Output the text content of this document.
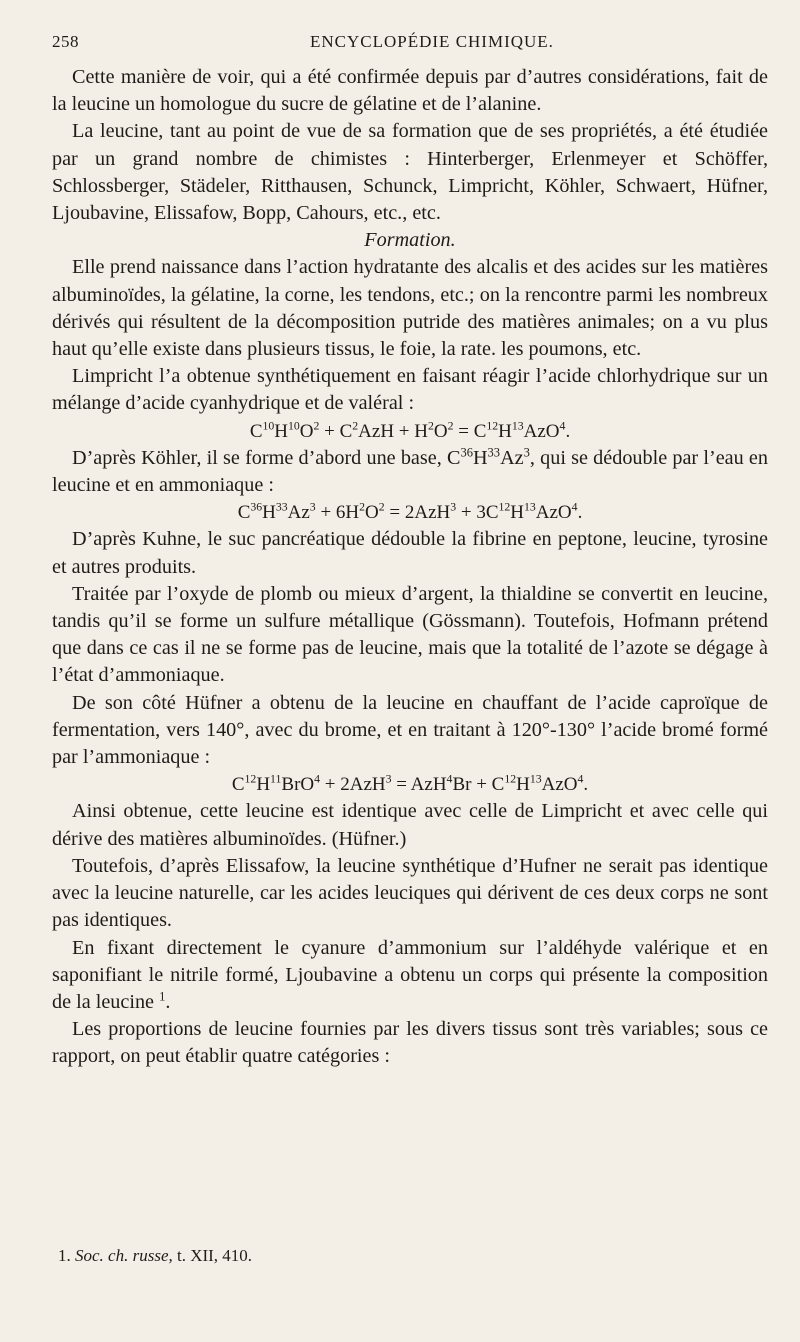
258	ENCYCLOPÉDIE CHIMIQUE.

Cette manière de voir, qui a été confirmée depuis par d’autres considérations, fait de la leucine un homologue du sucre de gélatine et de l’alanine.

La leucine, tant au point de vue de sa formation que de ses propriétés, a été étudiée par un grand nombre de chimistes : Hinterberger, Erlenmeyer et Schöffer, Schlossberger, Städeler, Ritthausen, Schunck, Limpricht, Köhler, Schwaert, Hüfner, Ljoubavine, Elissafow, Bopp, Cahours, etc., etc.

Formation.

Elle prend naissance dans l’action hydratante des alcalis et des acides sur les matières albuminoïdes, la gélatine, la corne, les tendons, etc.; on la rencontre parmi les nombreux dérivés qui résultent de la décomposition putride des matières animales; on a vu plus haut qu’elle existe dans plusieurs tissus, le foie, la rate. les poumons, etc.

Limpricht l’a obtenue synthétiquement en faisant réagir l’acide chlorhydrique sur un mélange d’acide cyanhydrique et de valéral :

$C^{10}H^{10}O^2 + C^2AzH + H^2O^2 = C^{12}H^{13}AzO^4$.

D’après Köhler, il se forme d’abord une base, $C^{36}H^{33}Az^3$, qui se dédouble par l’eau en leucine et en ammoniaque :

$C^{36}H^{33}Az^3 + 6H^2O^2 = 2AzH^3 + 3C^{12}H^{13}AzO^4$.

D’après Kuhne, le suc pancréatique dédouble la fibrine en peptone, leucine, tyrosine et autres produits.

Traitée par l’oxyde de plomb ou mieux d’argent, la thialdine se convertit en leucine, tandis qu’il se forme un sulfure métallique (Gössmann). Toutefois, Hofmann prétend que dans ce cas il ne se forme pas de leucine, mais que la totalité de l’azote se dégage à l’état d’ammoniaque.

De son côté Hüfner a obtenu de la leucine en chauffant de l’acide caproïque de fermentation, vers 140°, avec du brome, et en traitant à 120°-130° l’acide bromé formé par l’ammoniaque :

$C^{12}H^{11}BrO^4 + 2AzH^3 = AzH^4Br + C^{12}H^{13}AzO^4$.

Ainsi obtenue, cette leucine est identique avec celle de Limpricht et avec celle qui dérive des matières albuminoïdes. (Hüfner.)

Toutefois, d’après Elissafow, la leucine synthétique d’Hufner ne serait pas identique avec la leucine naturelle, car les acides leuciques qui dérivent de ces deux corps ne sont pas identiques.

En fixant directement le cyanure d’ammonium sur l’aldéhyde valérique et en saponifiant le nitrile formé, Ljoubavine a obtenu un corps qui présente la composition de la leucine $^1$.

Les proportions de leucine fournies par les divers tissus sont très variables; sous ce rapport, on peut établir quatre catégories :

1. Soc. ch. russe, t. XII, 410.
